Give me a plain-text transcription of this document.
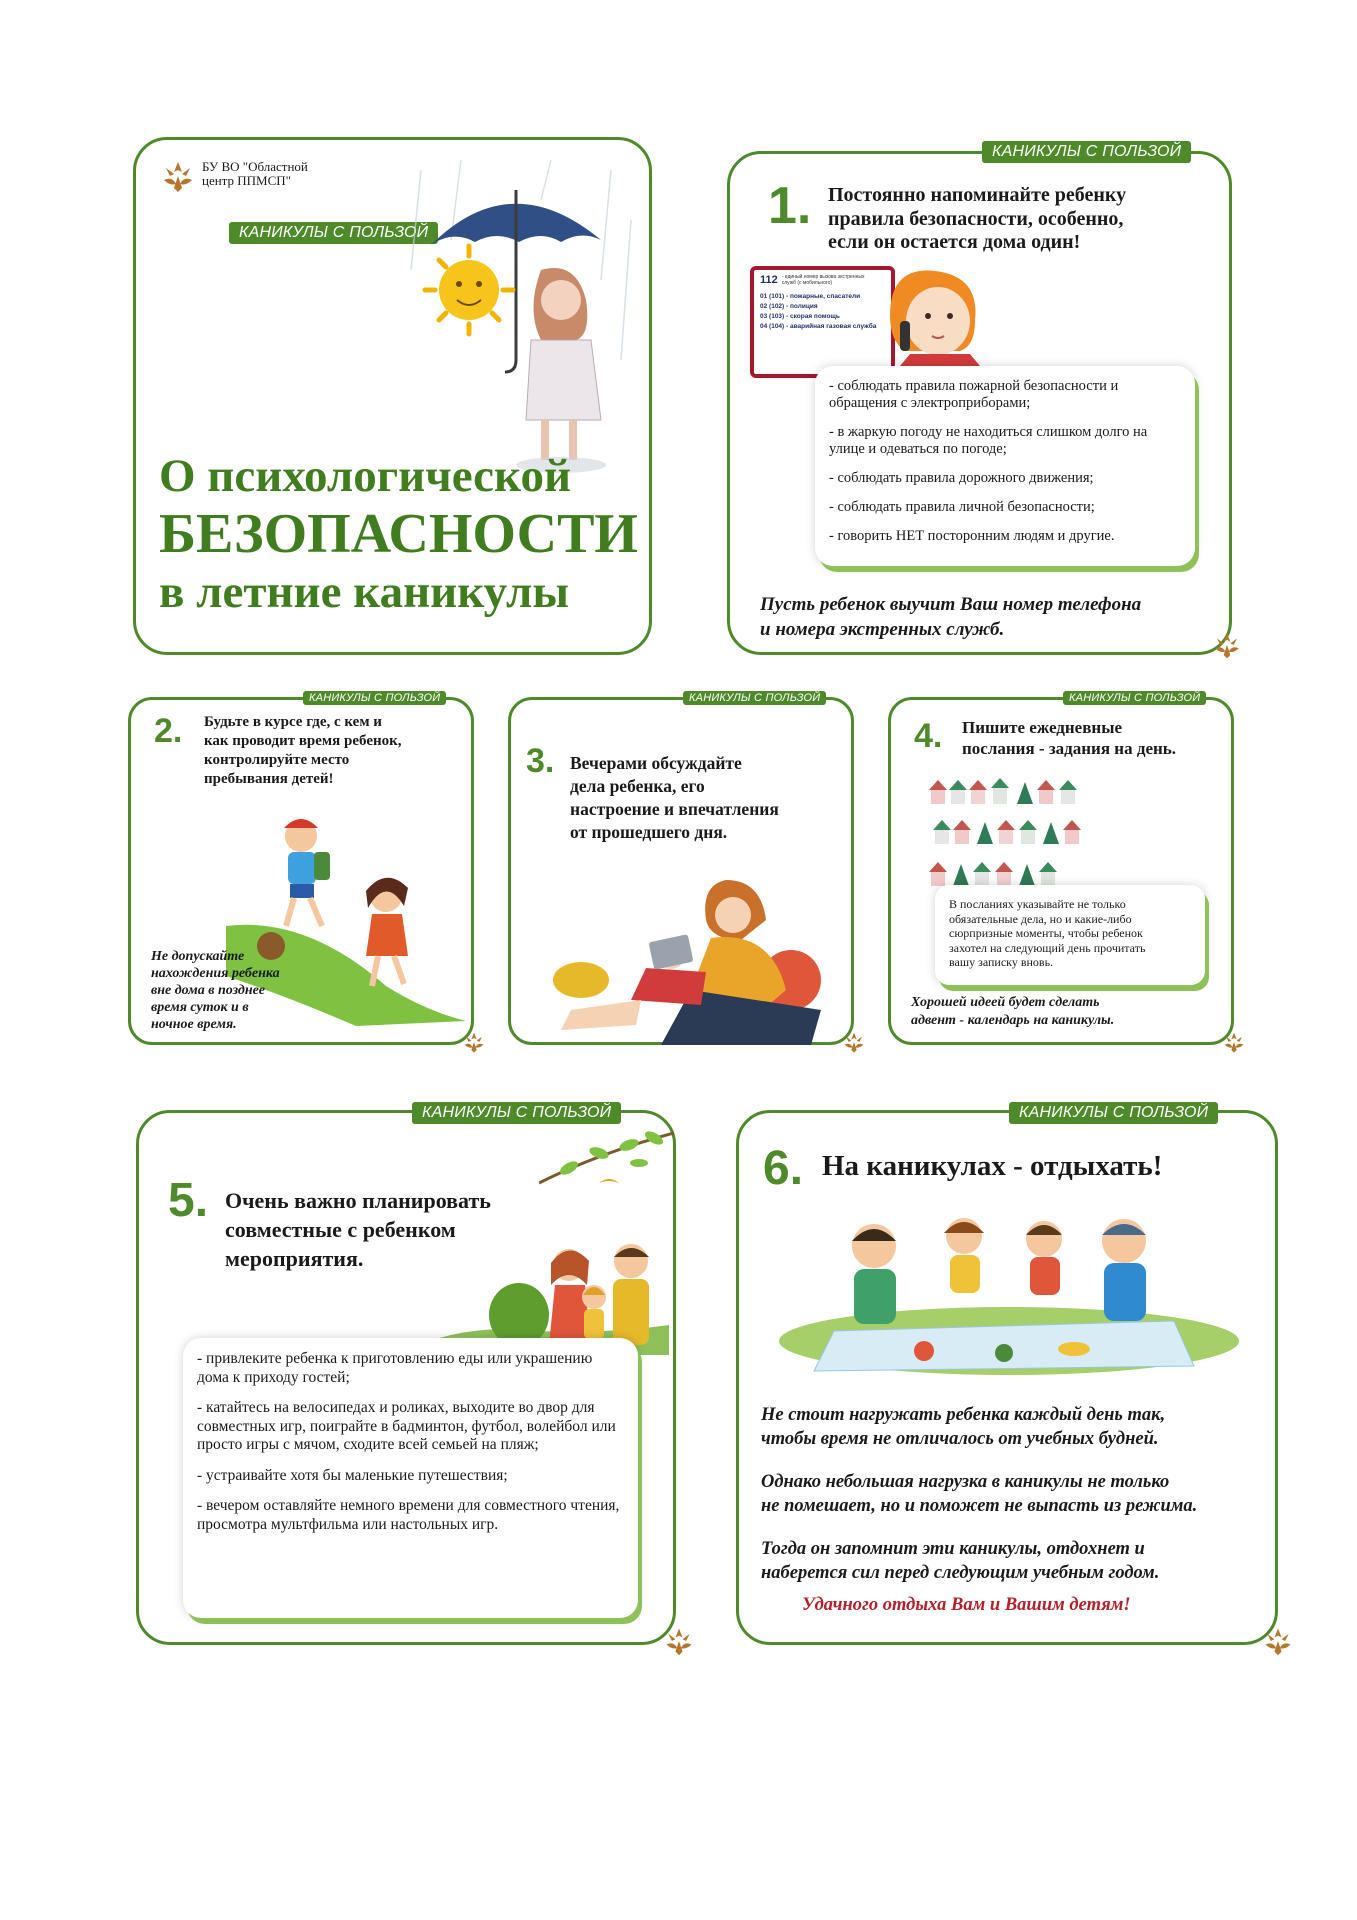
БУ ВО "Областной
центр ППМСП"
КАНИКУЛЫ С ПОЛЬЗОЙ
О психологической
БЕЗОПАСНОСТИ
в летние каникулы
КАНИКУЛЫ С ПОЛЬЗОЙ
1. Постоянно напоминайте ребенку
правила безопасности, особенно,
если он остается дома один!
112 - единый номер вызова экстренных служб (с мобильного)
01 (101) - пожарные, спасатели
02 (102) - полиция
03 (103) - скорая помощь
04 (104) - аварийная газовая служба

- соблюдать правила пожарной безопасности и обращения с электроприборами;

- в жаркую погоду не находиться слишком долго на улице и одеваться по погоде;

- соблюдать правила дорожного движения;

- соблюдать правила личной безопасности;

- говорить НЕТ посторонним людям и другие.

Пусть ребенок выучит Ваш номер телефона
и номера экстренных служб.
КАНИКУЛЫ С ПОЛЬЗОЙ
2. Будьте в курсе где, с кем и
как проводит время ребенок,
контролируйте место
пребывания детей!
Не допускайте
нахождения ребенка
вне дома в позднее
время суток и в
ночное время.
КАНИКУЛЫ С ПОЛЬЗОЙ
3. Вечерами обсуждайте
дела ребенка, его
настроение и впечатления
от прошедшего дня.
КАНИКУЛЫ С ПОЛЬЗОЙ
4. Пишите ежедневные
послания - задания на день.
В посланиях указывайте не только
обязательные дела, но и какие-либо
сюрпризные моменты, чтобы ребенок
захотел на следующий день прочитать
вашу записку вновь.
Хорошей идеей будет сделать
адвент - календарь на каникулы.
КАНИКУЛЫ С ПОЛЬЗОЙ
5. Очень важно планировать
совместные с ребенком
мероприятия.

- привлеките ребенка к приготовлению еды или украшению дома к приходу гостей;

- катайтесь на велосипедах и роликах, выходите во двор для совместных игр, поиграйте в бадминтон, футбол, волейбол или просто игры с мячом, сходите всей семьей на пляж;

- устраивайте хотя бы маленькие путешествия;

- вечером оставляйте немного времени для совместного чтения, просмотра мультфильма или настольных игр.

КАНИКУЛЫ С ПОЛЬЗОЙ
6. На каникулах - отдыхать!
Не стоит нагружать ребенка каждый день так,
чтобы время не отличалось от учебных будней.
Однако небольшая нагрузка в каникулы не только
не помешает, но и поможет не выпасть из режима.
Тогда он запомнит эти каникулы, отдохнет и
наберется сил перед следующим учебным годом.
Удачного отдыха Вам и Вашим детям!
